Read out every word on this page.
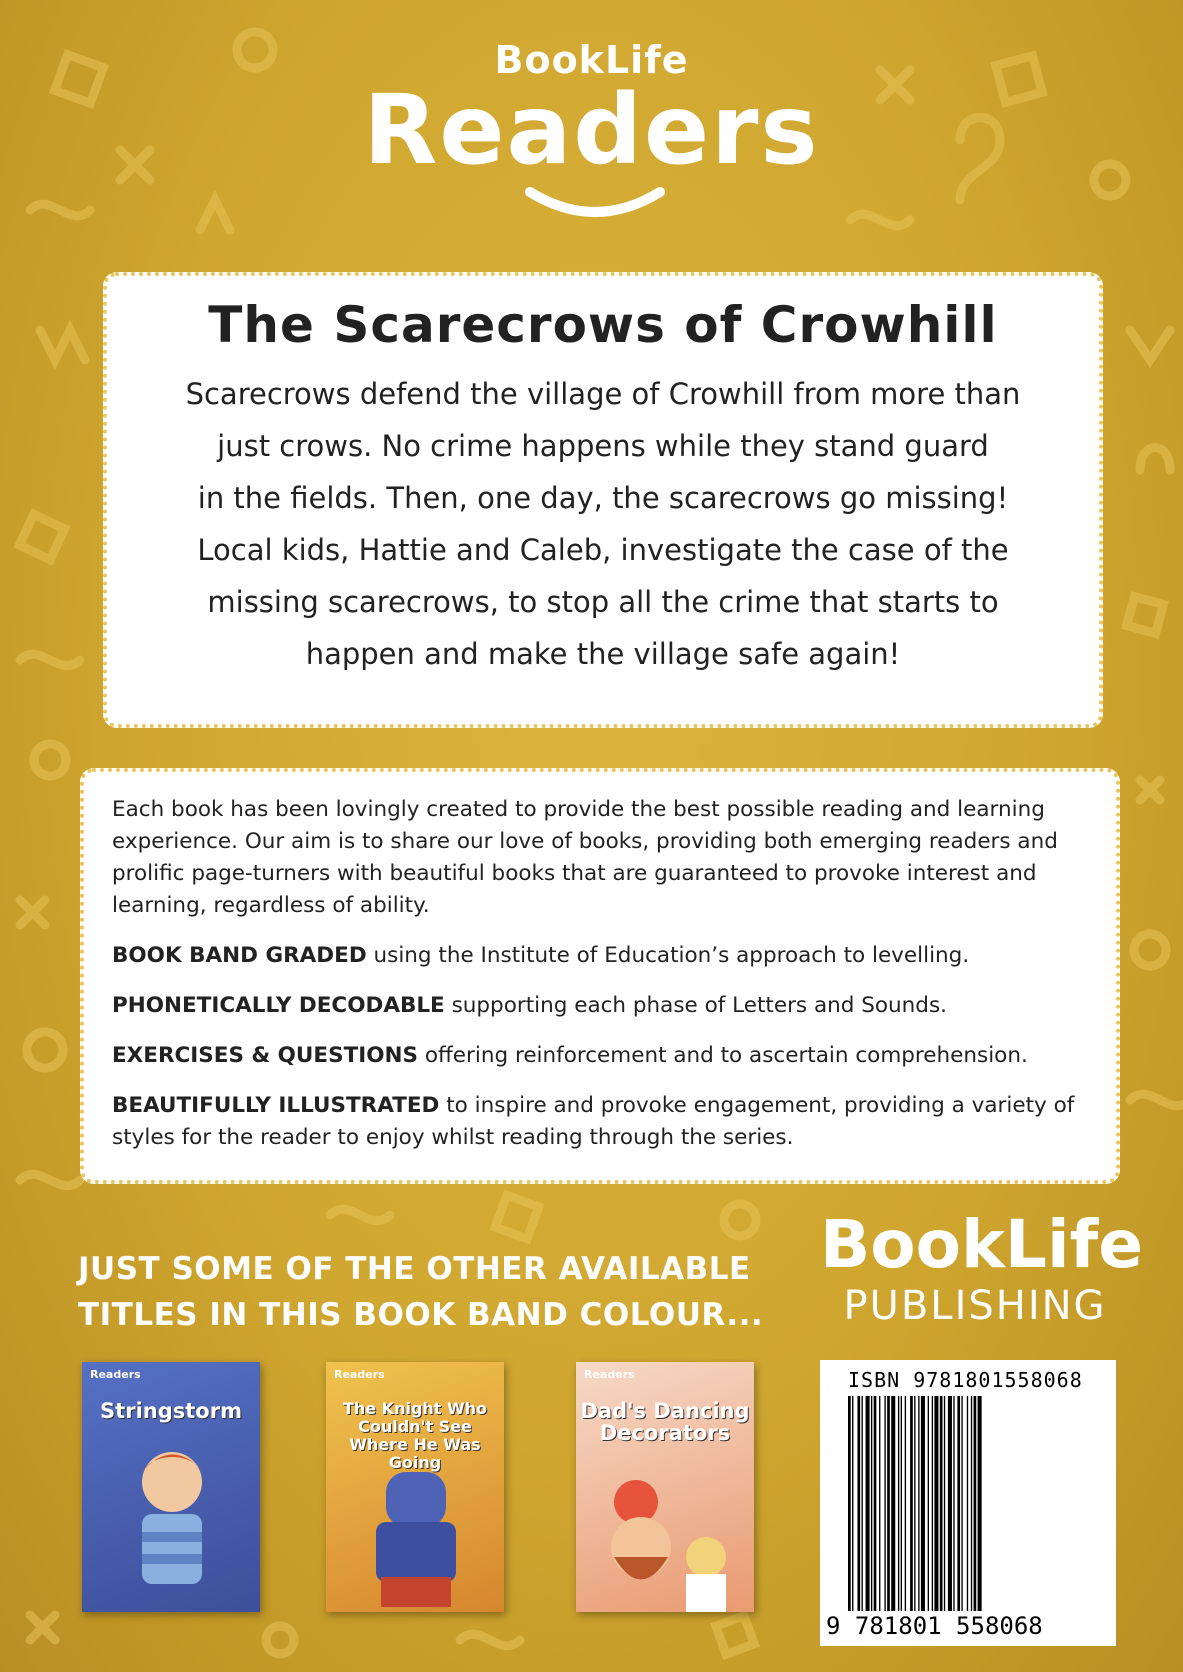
BookLife
Readers
The Scarecrows of Crowhill

Scarecrows defend the village of Crowhill from more than

just crows. No crime happens while they stand guard

in the fields. Then, one day, the scarecrows go missing!

Local kids, Hattie and Caleb, investigate the case of the

missing scarecrows, to stop all the crime that starts to

happen and make the village safe again!

Each book has been lovingly created to provide the best possible reading and learning experience. Our aim is to share our love of books, providing both emerging readers and prolific page-turners with beautiful books that are guaranteed to provoke interest and learning, regardless of ability.

BOOK BAND GRADED using the Institute of Education’s approach to levelling.

PHONETICALLY DECODABLE supporting each phase of Letters and Sounds.

EXERCISES & QUESTIONS offering reinforcement and to ascertain comprehension.

BEAUTIFULLY ILLUSTRATED to inspire and provoke engagement, providing a variety of styles for the reader to enjoy whilst reading through the series.

JUST SOME OF THE OTHER AVAILABLE
TITLES IN THIS BOOK BAND COLOUR...
Readers
Stringstorm
Readers
The Knight Who Couldn't See Where He Was Going
Readers
Dad's Dancing Decorators
BookLife
PUBLISHING
ISBN 9781801558068
9 781801 558068
